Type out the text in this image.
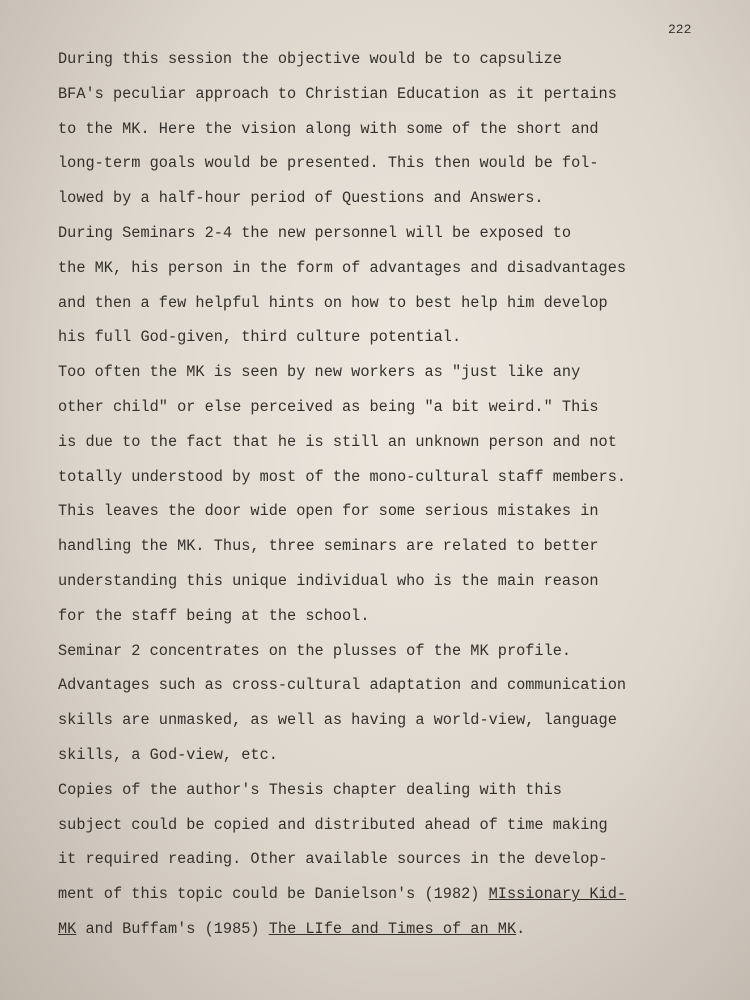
222
During this session the objective would be to capsulize
BFA's peculiar approach to Christian Education as it pertains
to the MK. Here the vision along with some of the short and
long-term goals would be presented. This then would be fol-
lowed by a half-hour period of Questions and Answers.
During Seminars 2-4 the new personnel will be exposed to
the MK, his person in the form of advantages and disadvantages
and then a few helpful hints on how to best help him develop
his full God-given, third culture potential.
Too often the MK is seen by new workers as "just like any
other child" or else perceived as being "a bit weird." This
is due to the fact that he is still an unknown person and not
totally understood by most of the mono-cultural staff members.
This leaves the door wide open for some serious mistakes in
handling the MK. Thus, three seminars are related to better
understanding this unique individual who is the main reason
for the staff being at the school.
Seminar 2 concentrates on the plusses of the MK profile.
Advantages such as cross-cultural adaptation and communication
skills are unmasked, as well as having a world-view, language
skills, a God-view, etc.
Copies of the author's Thesis chapter dealing with this
subject could be copied and distributed ahead of time making
it required reading. Other available sources in the develop-
ment of this topic could be Danielson's (1982) MIssionary Kid-
MK and Buffam's (1985) The LIfe and Times of an MK.
